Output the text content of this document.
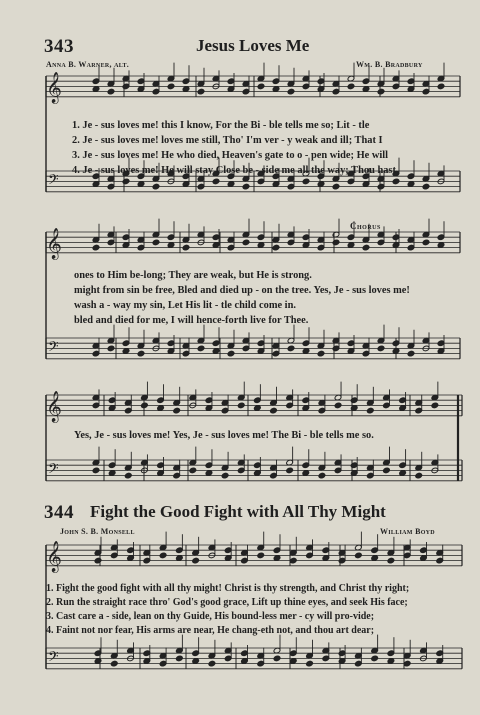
𝄞
𝄢
𝄞
𝄢
𝄞
𝄢
𝄞
𝄢
343	Jesus Loves Me
Anna B. Warner, alt.	Wm. B. Bradbury
1. Je - sus loves me! this I know, For the Bi - ble tells me so; Lit - tle
2. Je - sus loves me! loves me still, Tho' I'm ver - y weak and ill; That I
3. Je - sus loves me! He who died, Heaven's gate to o - pen wide; He will
4. Je - sus loves me! He will stay Close be - side me all the way; Thou hast
Chorus
ones to Him be-long; They are weak, but He is strong.
might from sin be free, Bled and died up - on the tree. Yes, Je - sus loves me!
wash a - way my sin, Let His lit - tle child come in.
bled and died for me, I will hence-forth live for Thee.
Yes, Je - sus loves me! Yes, Je - sus loves me! The Bi - ble tells me so.
344 Fight the Good Fight with All Thy Might
John S. B. Monsell	William Boyd
1. Fight the good fight with all thy might! Christ is thy strength, and Christ thy right;
2. Run the straight race thro' God's good grace, Lift up thine eyes, and seek His face;
3. Cast care a - side, lean on thy Guide, His bound-less mer - cy will pro-vide;
4. Faint not nor fear, His arms are near, He chang-eth not, and thou art dear;
